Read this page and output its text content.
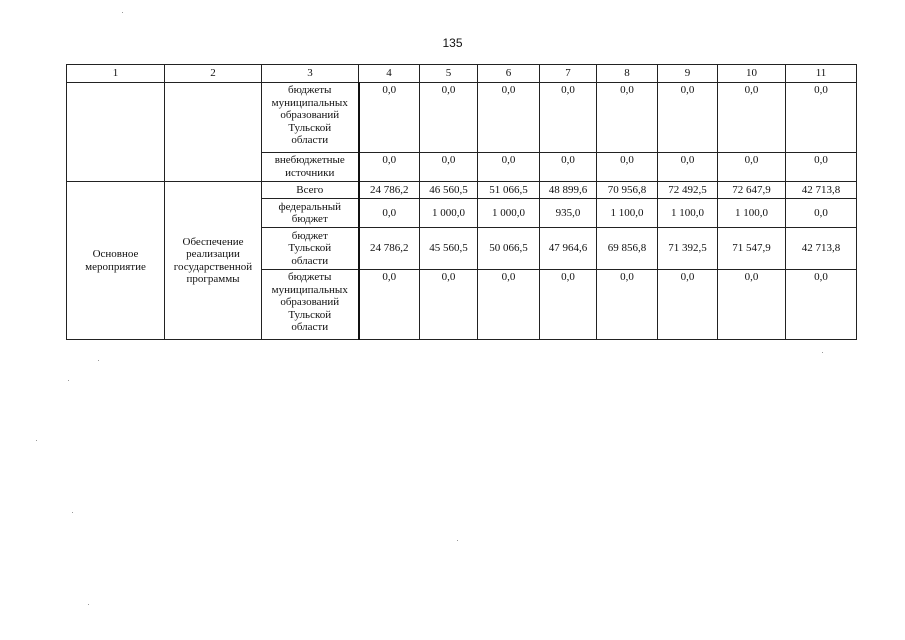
135
1	2	3	4	5	6	7	8	9	10	11
		бюджеты
муниципальных
образований
Тульской
области	0,0	0,0	0,0	0,0	0,0	0,0	0,0	0,0
		внебюджетные
источники	0,0	0,0	0,0	0,0	0,0	0,0	0,0	0,0
Основное
мероприятие	Обеспечение
реализации
государственной
программы	Всего	24 786,2	46 560,5	51 066,5	48 899,6	70 956,8	72 492,5	72 647,9	42 713,8
		федеральный
бюджет	0,0	1 000,0	1 000,0	935,0	1 100,0	1 100,0	1 100,0	0,0
		бюджет
Тульской
области	24 786,2	45 560,5	50 066,5	47 964,6	69 856,8	71 392,5	71 547,9	42 713,8
		бюджеты
муниципальных
образований
Тульской
области	0,0	0,0	0,0	0,0	0,0	0,0	0,0	0,0
